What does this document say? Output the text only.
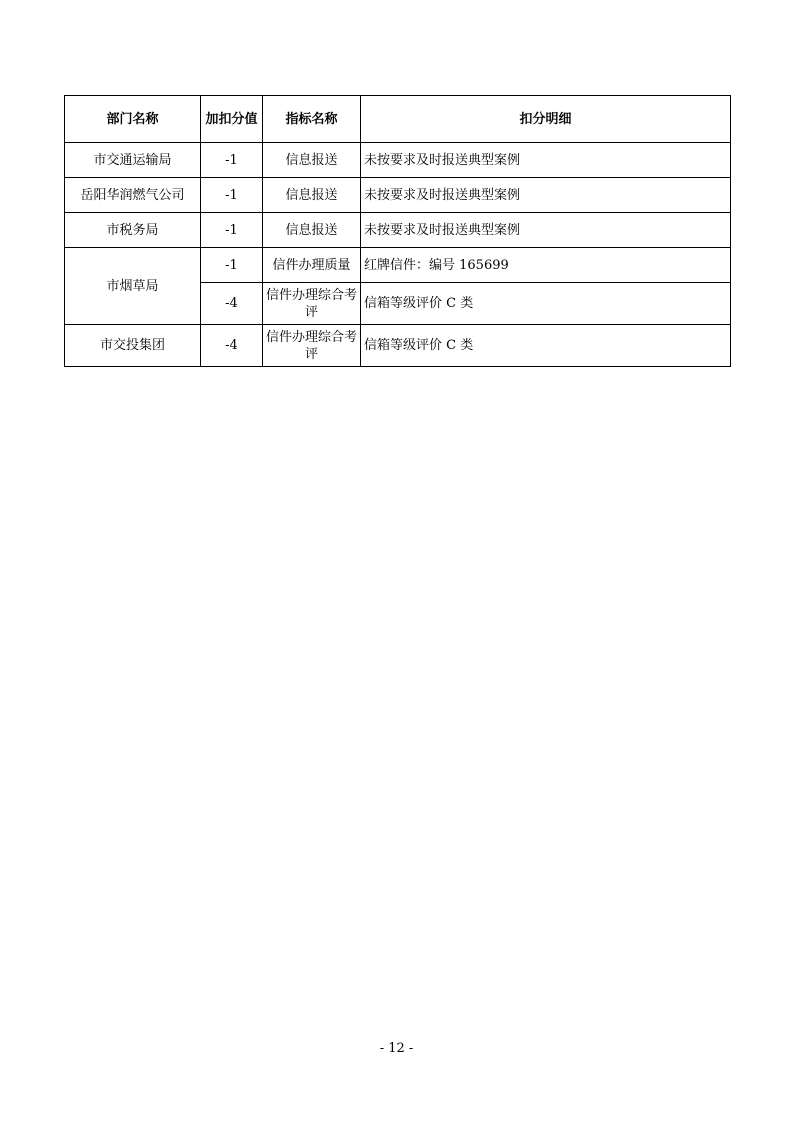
部门名称	加扣分值	指标名称	扣分明细
市交通运输局	-1	信息报送	未按要求及时报送典型案例
岳阳华润燃气公司	-1	信息报送	未按要求及时报送典型案例
市税务局	-1	信息报送	未按要求及时报送典型案例
市烟草局	-1	信件办理质量	红牌信件：编号 165699
	-4	信件办理综合考评	信箱等级评价 C 类
市交投集团	-4	信件办理综合考评	信箱等级评价 C 类
- 12 -
